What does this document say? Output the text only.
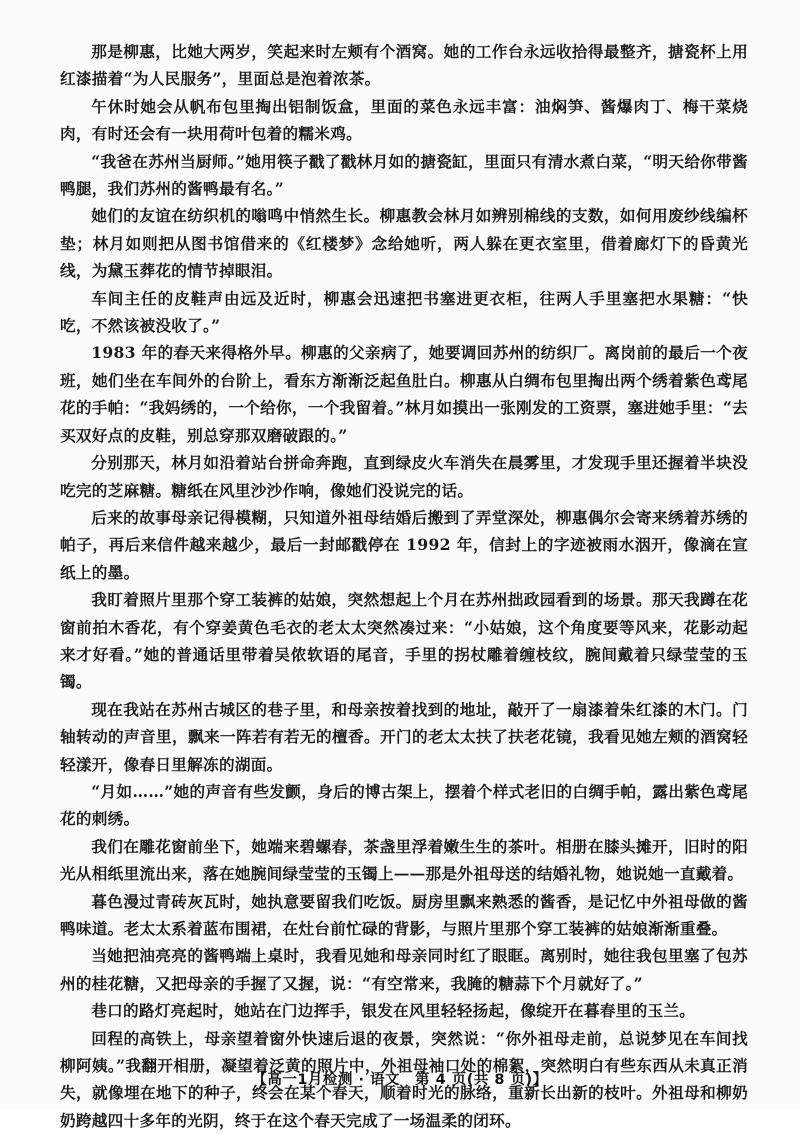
那是柳惠，比她大两岁，笑起来时左颊有个酒窝。她的工作台永远收拾得最整齐，搪瓷杯上用红漆描着“为人民服务”，里面总是泡着浓茶。

午休时她会从帆布包里掏出铝制饭盒，里面的菜色永远丰富：油焖笋、酱爆肉丁、梅干菜烧肉，有时还会有一块用荷叶包着的糯米鸡。

“我爸在苏州当厨师。”她用筷子戳了戳林月如的搪瓷缸，里面只有清水煮白菜，“明天给你带酱鸭腿，我们苏州的酱鸭最有名。”

她们的友谊在纺织机的嗡鸣中悄然生长。柳惠教会林月如辨别棉线的支数，如何用废纱线编杯垫；林月如则把从图书馆借来的《红楼梦》念给她听，两人躲在更衣室里，借着廊灯下的昏黄光线，为黛玉葬花的情节掉眼泪。

车间主任的皮鞋声由远及近时，柳惠会迅速把书塞进更衣柜，往两人手里塞把水果糖：“快吃，不然该被没收了。”

1983 年的春天来得格外早。柳惠的父亲病了，她要调回苏州的纺织厂。离岗前的最后一个夜班，她们坐在车间外的台阶上，看东方渐渐泛起鱼肚白。柳惠从白绸布包里掏出两个绣着紫色鸢尾花的手帕：“我妈绣的，一个给你，一个我留着。”林月如摸出一张刚发的工资票，塞进她手里：“去买双好点的皮鞋，别总穿那双磨破跟的。”

分别那天，林月如沿着站台拼命奔跑，直到绿皮火车消失在晨雾里，才发现手里还握着半块没吃完的芝麻糖。糖纸在风里沙沙作响，像她们没说完的话。

后来的故事母亲记得模糊，只知道外祖母结婚后搬到了弄堂深处，柳惠偶尔会寄来绣着苏绣的帕子，再后来信件越来越少，最后一封邮戳停在 1992 年，信封上的字迹被雨水洇开，像滴在宣纸上的墨。

我盯着照片里那个穿工装裤的姑娘，突然想起上个月在苏州拙政园看到的场景。那天我蹲在花窗前拍木香花，有个穿姜黄色毛衣的老太太突然凑过来：“小姑娘，这个角度要等风来，花影动起来才好看。”她的普通话里带着吴侬软语的尾音，手里的拐杖雕着缠枝纹，腕间戴着只绿莹莹的玉镯。

现在我站在苏州古城区的巷子里，和母亲按着找到的地址，敲开了一扇漆着朱红漆的木门。门轴转动的声音里，飘来一阵若有若无的檀香。开门的老太太扶了扶老花镜，我看见她左颊的酒窝轻轻漾开，像春日里解冻的湖面。

“月如……”她的声音有些发颤，身后的博古架上，摆着个样式老旧的白绸手帕，露出紫色鸢尾花的刺绣。

我们在雕花窗前坐下，她端来碧螺春，茶盏里浮着嫩生生的茶叶。相册在膝头摊开，旧时的阳光从相纸里流出来，落在她腕间绿莹莹的玉镯上——那是外祖母送的结婚礼物，她说她一直戴着。

暮色漫过青砖灰瓦时，她执意要留我们吃饭。厨房里飘来熟悉的酱香，是记忆中外祖母做的酱鸭味道。老太太系着蓝布围裙，在灶台前忙碌的背影，与照片里那个穿工装裤的姑娘渐渐重叠。

当她把油亮亮的酱鸭端上桌时，我看见她和母亲同时红了眼眶。离别时，她往我包里塞了包苏州的桂花糖，又把母亲的手握了又握，说：“有空常来，我腌的糖蒜下个月就好了。”

巷口的路灯亮起时，她站在门边挥手，银发在风里轻轻扬起，像绽开在暮春里的玉兰。

回程的高铁上，母亲望着窗外快速后退的夜景，突然说：“你外祖母走前，总说梦见在车间找柳阿姨。”我翻开相册，凝望着泛黄的照片中，外祖母袖口处的棉絮，突然明白有些东西从未真正消失，就像埋在地下的种子，终会在某个春天，顺着时光的脉络，重新长出新的枝叶。外祖母和柳奶奶跨越四十多年的光阴，终于在这个春天完成了一场温柔的闭环。

【高一1月检测 · 语文　第 4 页(共 8 页)】
